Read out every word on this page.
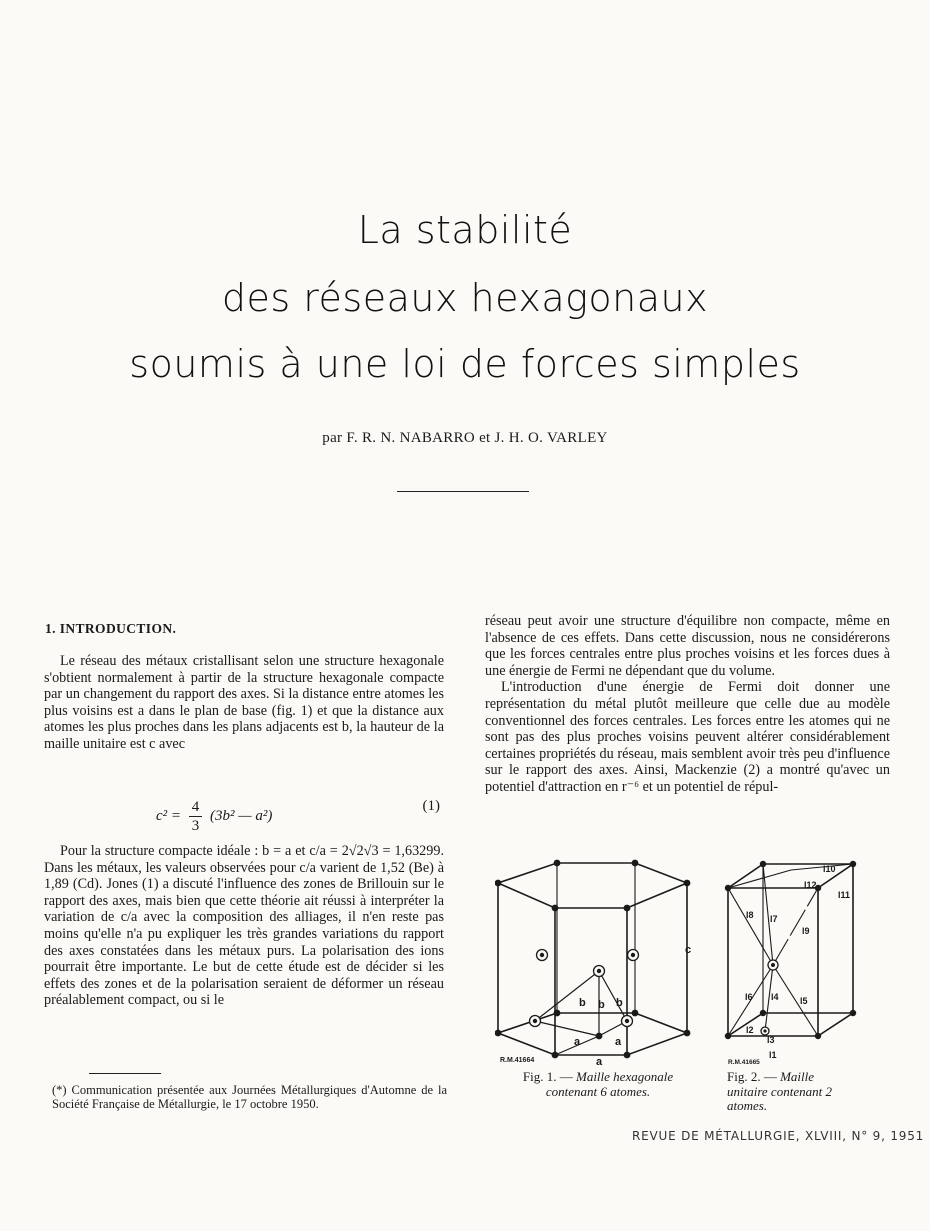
La stabilité
des réseaux hexagonaux
soumis à une loi de forces simples
par F. R. N. NABARRO et J. H. O. VARLEY
1. INTRODUCTION.

Le réseau des métaux cristallisant selon une structure hexagonale s'obtient normalement à partir de la structure hexagonale compacte par un changement du rapport des axes. Si la distance entre atomes les plus voisins est a dans le plan de base (fig. 1) et que la distance aux atomes les plus proches dans les plans adjacents est b, la hauteur de la maille unitaire est c avec

$c^2 = \frac{4}{3} (3b^2$ — a²)
(1)

Pour la structure compacte idéale : b = a et c/a = 2√2√3 = 1,63299. Dans les métaux, les valeurs observées pour c/a varient de 1,52 (Be) à 1,89 (Cd). Jones (1) a discuté l'influence des zones de Brillouin sur le rapport des axes, mais bien que cette théorie ait réussi à interpréter la variation de c/a avec la composition des alliages, il n'en reste pas moins qu'elle n'a pu expliquer les très grandes variations du rapport des axes constatées dans les métaux purs. La polarisation des ions pourrait être importante. Le but de cette étude est de décider si les effets des zones et de la polarisation seraient de déformer un réseau préalablement compact, ou si le

(*) Communication présentée aux Journées Métallurgiques d'Automne de la Société Française de Métallurgie, le 17 octobre 1950.

réseau peut avoir une structure d'équilibre non compacte, même en l'absence de ces effets. Dans cette discussion, nous ne considérerons que les forces centrales entre plus proches voisins et les forces dues à une énergie de Fermi ne dépendant que du volume.

L'introduction d'une énergie de Fermi doit donner une représentation du métal plutôt meilleure que celle due au modèle conventionnel des forces centrales. Les forces entre les atomes qui ne sont pas des plus proches voisins peuvent altérer considérablement certaines propriétés du réseau, mais semblent avoir très peu d'influence sur le rapport des axes. Ainsi, Mackenzie (2) a montré qu'avec un potentiel d'attraction en r⁻⁶ et un potentiel de répul-

c
b b b
a	a
a
R.M.41664
l10
l12
l11
l8 l7
l9
l6 l4 l5
l2
l3
l1
R.M.41665
Fig. 1. — Maille hexagonale contenant 6 atomes.
Fig. 2. — Maille unitaire contenant 2 atomes.
REVUE DE MÉTALLURGIE, XLVIII, N° 9, 1951
